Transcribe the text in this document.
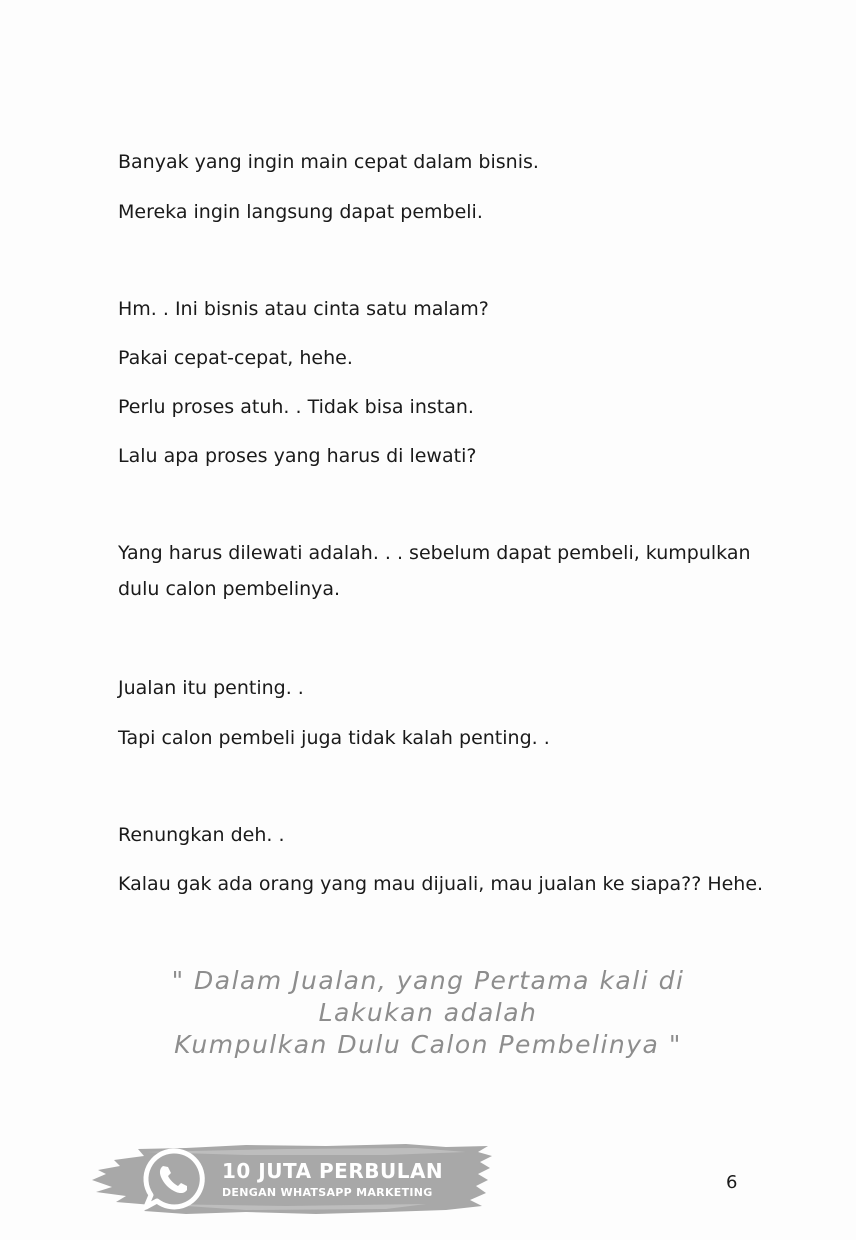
Banyak yang ingin main cepat dalam bisnis.
Mereka ingin langsung dapat pembeli.
Hm. . Ini bisnis atau cinta satu malam?
Pakai cepat-cepat, hehe.
Perlu proses atuh. . Tidak bisa instan.
Lalu apa proses yang harus di lewati?
Yang harus dilewati adalah. . . sebelum dapat pembeli, kumpulkan
dulu calon pembelinya.
Jualan itu penting. .
Tapi calon pembeli juga tidak kalah penting. .
Renungkan deh. .
Kalau gak ada orang yang mau dijuali, mau jualan ke siapa?? Hehe.
" Dalam Jualan, yang Pertama kali di
Lakukan adalah
Kumpulkan Dulu Calon Pembelinya "
10 JUTA PERBULAN
DENGAN WHATSAPP MARKETING	6
